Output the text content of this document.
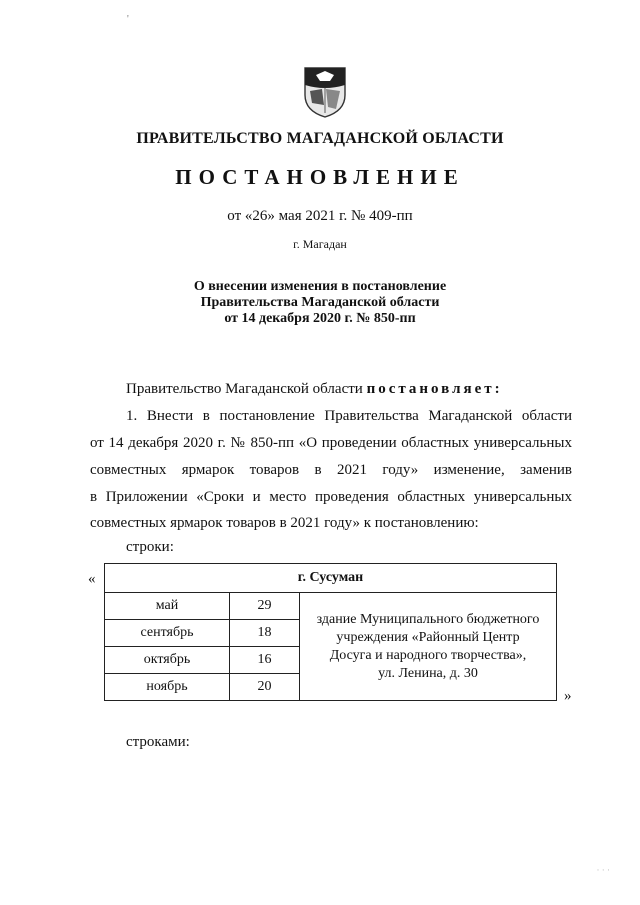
'
ПРАВИТЕЛЬСТВО МАГАДАНСКОЙ ОБЛАСТИ
ПОСТАНОВЛЕНИЕ
от «26» мая 2021 г. № 409-пп
г. Магадан
О внесении изменения в постановление
Правительства Магаданской области
от 14 декабря 2020 г. № 850-пп
Правительство Магаданской области постановляет:
1. Внести в постановление Правительства Магаданской области
от 14 декабря 2020 г. № 850-пп «О проведении областных универсальных
совместных ярмарок товаров в 2021 году» изменение, заменив
в Приложении «Сроки и место проведения областных универсальных
совместных ярмарок товаров в 2021 году» к постановлению:
строки:
«	г. Сусуман		
май	29	здание Муниципального бюджетного
учреждения «Районный Центр
Досуга и народного творчества»,
ул. Ленина, д. 30

сентябрь	18	
октябрь	16	
ноябрь	20	
»
строками:
· · ·
